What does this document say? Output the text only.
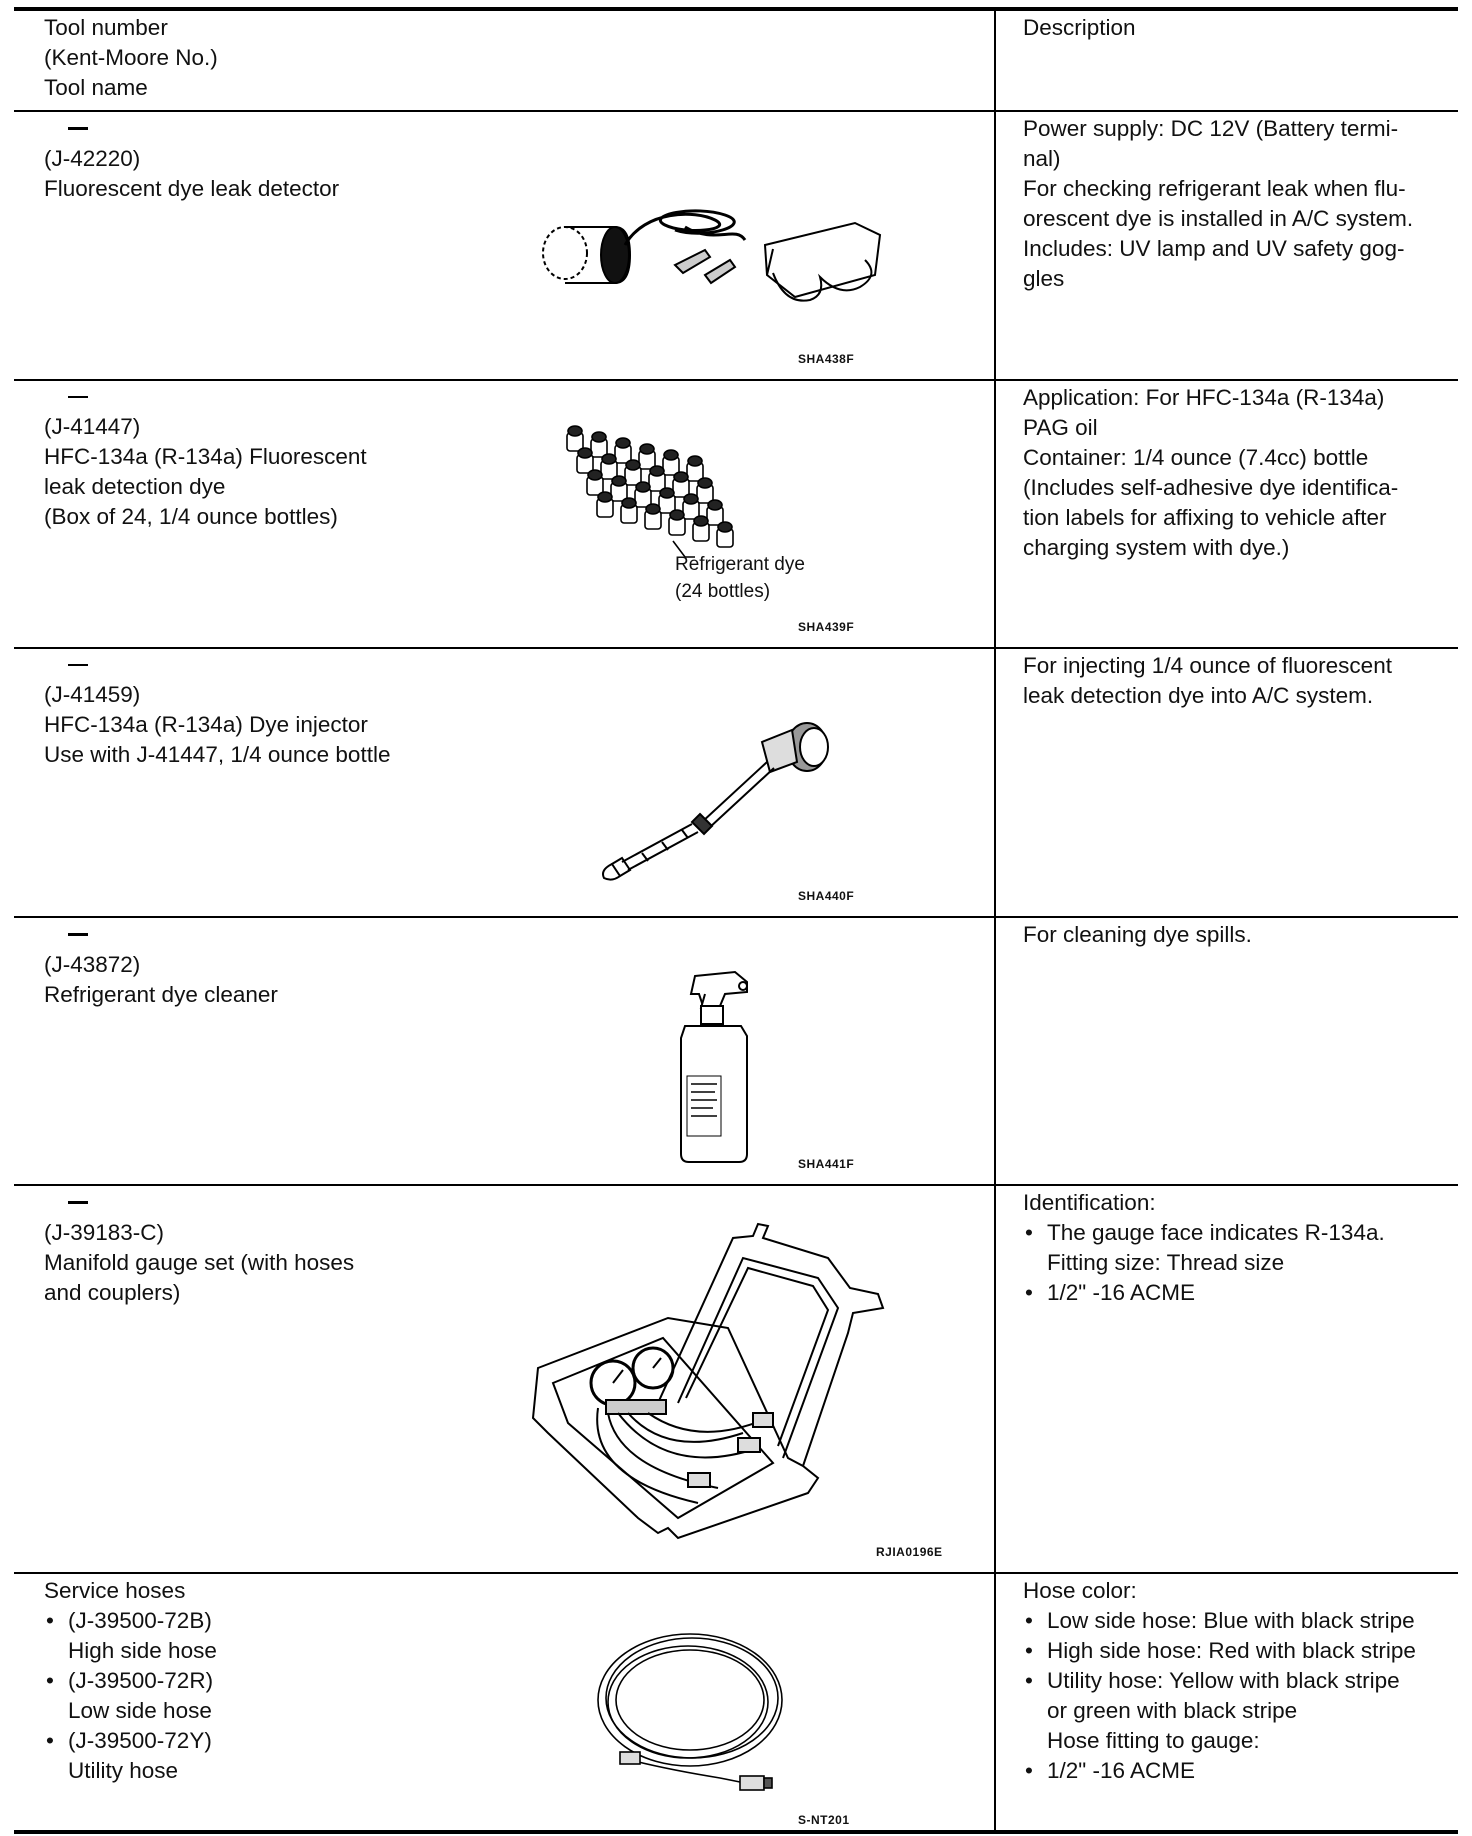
Tool number
(Kent-Moore No.)
Tool name
Description
(J-42220)
Fluorescent dye leak detector
SHA438F
Power supply: DC 12V (Battery termi-
nal)
For checking refrigerant leak when flu-
orescent dye is installed in A/C system.
Includes: UV lamp and UV safety gog-
gles
(J-41447)
HFC-134a (R-134a) Fluorescent
leak detection dye
(Box of 24, 1/4 ounce bottles)
Refrigerant dye
(24 bottles)
SHA439F
Application: For HFC-134a (R-134a)
PAG oil
Container: 1/4 ounce (7.4cc) bottle
(Includes self-adhesive dye identifica-
tion labels for affixing to vehicle after
charging system with dye.)
(J-41459)
HFC-134a (R-134a) Dye injector
Use with J-41447, 1/4 ounce bottle
SHA440F
For injecting 1/4 ounce of fluorescent
leak detection dye into A/C system.
(J-43872)
Refrigerant dye cleaner
SHA441F
For cleaning dye spills.
(J-39183-C)
Manifold gauge set (with hoses
and couplers)
RJIA0196E
Identification:
• The gauge face indicates R-134a.
Fitting size: Thread size
• 1/2" -16 ACME
Service hoses
• (J-39500-72B)
High side hose
• (J-39500-72R)
Low side hose
• (J-39500-72Y)
Utility hose
S-NT201
Hose color:
• Low side hose: Blue with black stripe
• High side hose: Red with black stripe
• Utility hose: Yellow with black stripe
or green with black stripe
Hose fitting to gauge:
• 1/2" -16 ACME
